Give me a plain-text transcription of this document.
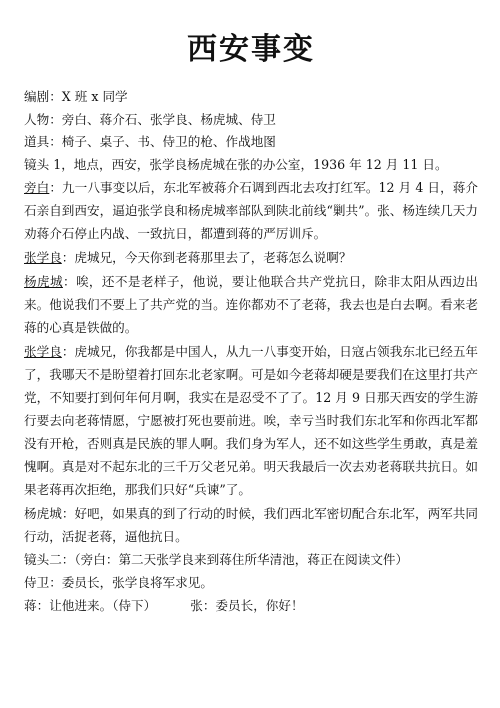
西安事变

编剧：X 班 x 同学

人物：旁白、蒋介石、张学良、杨虎城、侍卫

道具：椅子、桌子、书、侍卫的枪、作战地图

镜头 1，地点，西安，张学良杨虎城在张的办公室，1936 年 12 月 11 日。

旁白：九一八事变以后，东北军被蒋介石调到西北去攻打红军。12 月 4 日，蒋介石亲自到西安，逼迫张学良和杨虎城率部队到陕北前线“剿共”。张、杨连续几天力劝蒋介石停止内战、一致抗日，都遭到蒋的严厉训斥。

张学良：虎城兄，今天你到老蒋那里去了，老蒋怎么说啊？

杨虎城：唉，还不是老样子，他说，要让他联合共产党抗日，除非太阳从西边出来。他说我们不要上了共产党的当。连你都劝不了老蒋，我去也是白去啊。看来老蒋的心真是铁做的。

张学良：虎城兄，你我都是中国人，从九一八事变开始，日寇占领我东北已经五年了，我哪天不是盼望着打回东北老家啊。可是如今老蒋却硬是要我们在这里打共产党，不知要打到何年何月啊，我实在是忍受不了了。12 月 9 日那天西安的学生游行要去向老蒋情愿，宁愿被打死也要前进。唉，幸亏当时我们东北军和你西北军都没有开枪，否则真是民族的罪人啊。我们身为军人，还不如这些学生勇敢，真是羞愧啊。真是对不起东北的三千万父老兄弟。明天我最后一次去劝老蒋联共抗日。如果老蒋再次拒绝，那我们只好“兵谏”了。

杨虎城：好吧，如果真的到了行动的时候，我们西北军密切配合东北军，两军共同行动，活捉老蒋，逼他抗日。

镜头二：（旁白：第二天张学良来到蒋住所华清池，蒋正在阅读文件）

侍卫：委员长，张学良将军求见。

蒋：让他进来。（侍下）	张：委员长，你好！
